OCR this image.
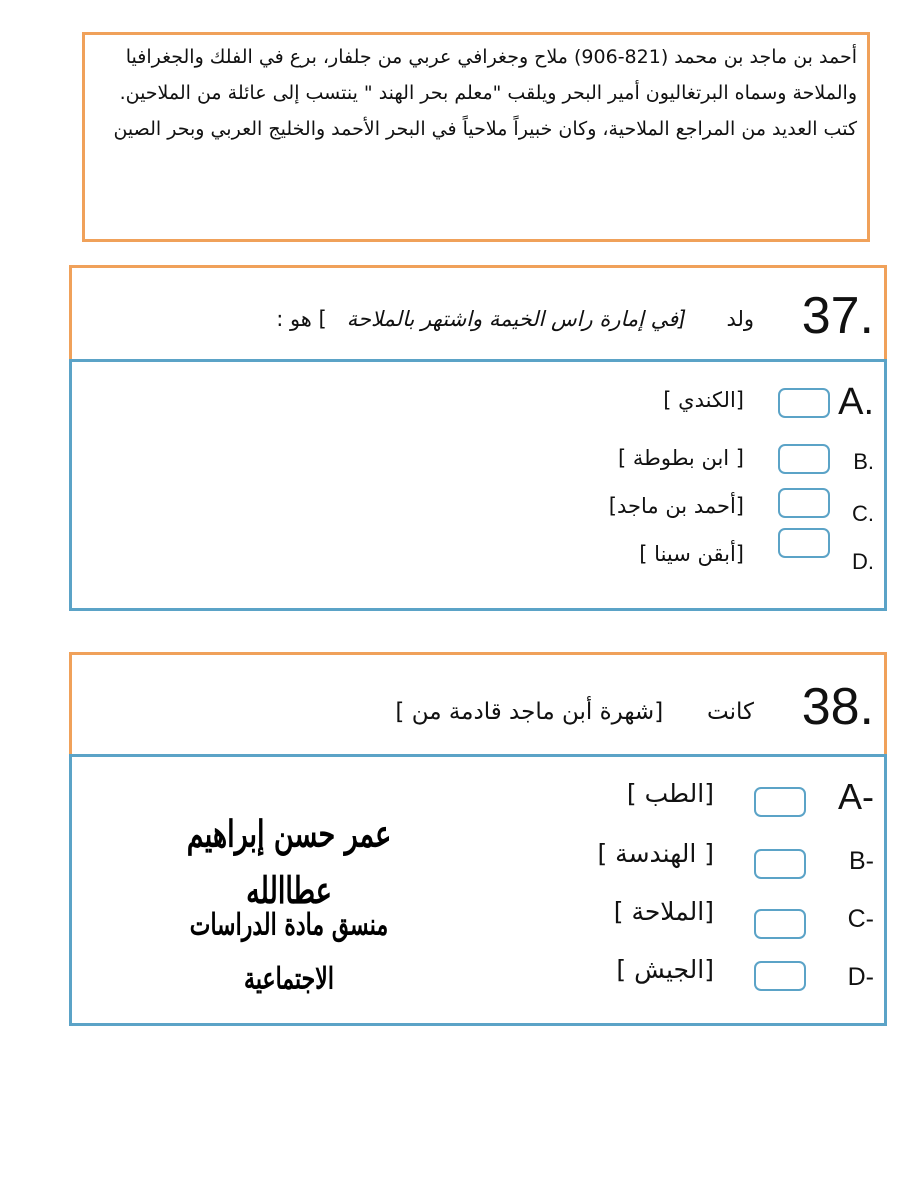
أحمد بن ماجد بن محمد (821-906) ملاح وجغرافي عربي من جلفار، برع في الفلك والجغرافيا والملاحة وسماه البرتغاليون أمير البحر ويلقب "معلم بحر الهند " ينتسب إلى عائلة من الملاحين. كتب العديد من المراجع الملاحية، وكان خبيراً ملاحياً في البحر الأحمد والخليج العربي وبحر الصين
37.
ولد      [في إمارة راس الخيمة واشتهر بالملاحة   ] هو :
A.
[الكندي ]
B.
[ ابن بطوطة ]
C.
[أحمد بن ماجد]
D.
[أبقن سينا ]
38.
كانت      [شهرة أبن ماجد قادمة من ]
A-
[الطب ]
B-
[ الهندسة ]
C-
[الملاحة ]
D-
[الجيش ]
عمر حسن إبراهيم عطاالله
منسق مادة الدراسات الاجتماعية
